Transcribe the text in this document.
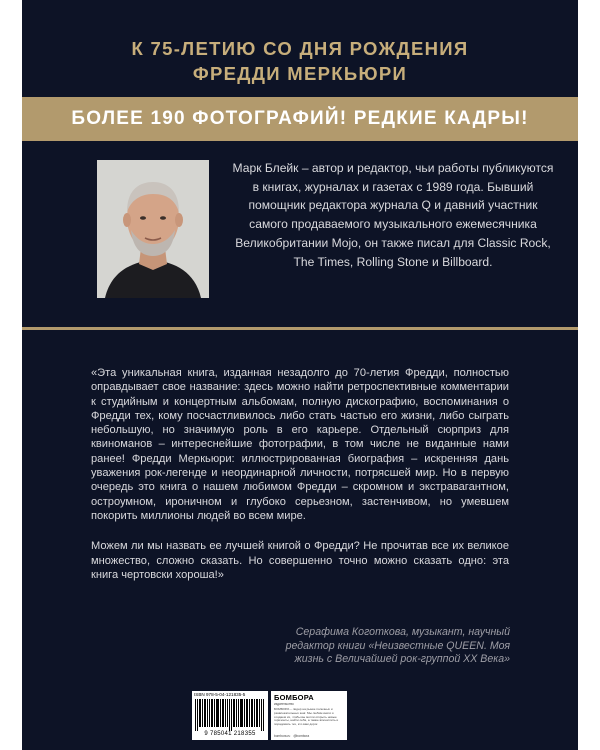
К 75-ЛЕТИЮ СО ДНЯ РОЖДЕНИЯ
ФРЕДДИ МЕРКЬЮРИ
БОЛЕЕ 190 ФОТОГРАФИЙ! РЕДКИЕ КАДРЫ!
Марк Блейк – автор и редактор, чьи работы публикуются в книгах, журналах и газетах с 1989 года. Бывший помощник редактора журнала Q и давний участник самого продаваемого музыкального ежемесячника Великобритании Mojo, он также писал для Classic Rock, The Times, Rolling Stone и Billboard.

«Эта уникальная книга, изданная незадолго до 70-летия Фредди, полностью оправдывает свое название: здесь можно найти ретроспективные комментарии к студийным и концертным альбомам, полную дискографию, воспоминания о Фредди тех, кому посчастливилось либо стать частью его жизни, либо сыграть небольшую, но значимую роль в его карьере. Отдельный сюрприз для квиноманов – интереснейшие фотографии, в том числе не виданные нами ранее! Фредди Меркьюри: иллюстрированная биография – искренняя дань уважения рок-легенде и неординарной личности, потрясшей мир. Но в первую очередь это книга о нашем любимом Фредди – скромном и экстравагантном, остроумном, ироничном и глубоко серьезном, застенчивом, но умевшем покорить миллионы людей во всем мире.

Можем ли мы назвать ее лучшей книгой о Фредди? Не прочитав все их великое множество, сложно сказать. Но совершенно точно можно сказать одно: эта книга чертовски хороша!»

Серафима Коготкова, музыкант, научный
редактор книги «Неизвестные QUEEN. Моя
жизнь с Величайшей рок-группой XX Века»
ISBN 978-5-04-121835-5
9 785041 218355
БОМБОРА
издательство
БОМБОРА – лидер на рынке полезных и развлекательных книг. Мы любим книги и создаем их, чтобы вы могли открыть новые горизонты, найти себя, а также впечатлить и порадовать тех, кто вам дорог.
bombora.ru @bombora
